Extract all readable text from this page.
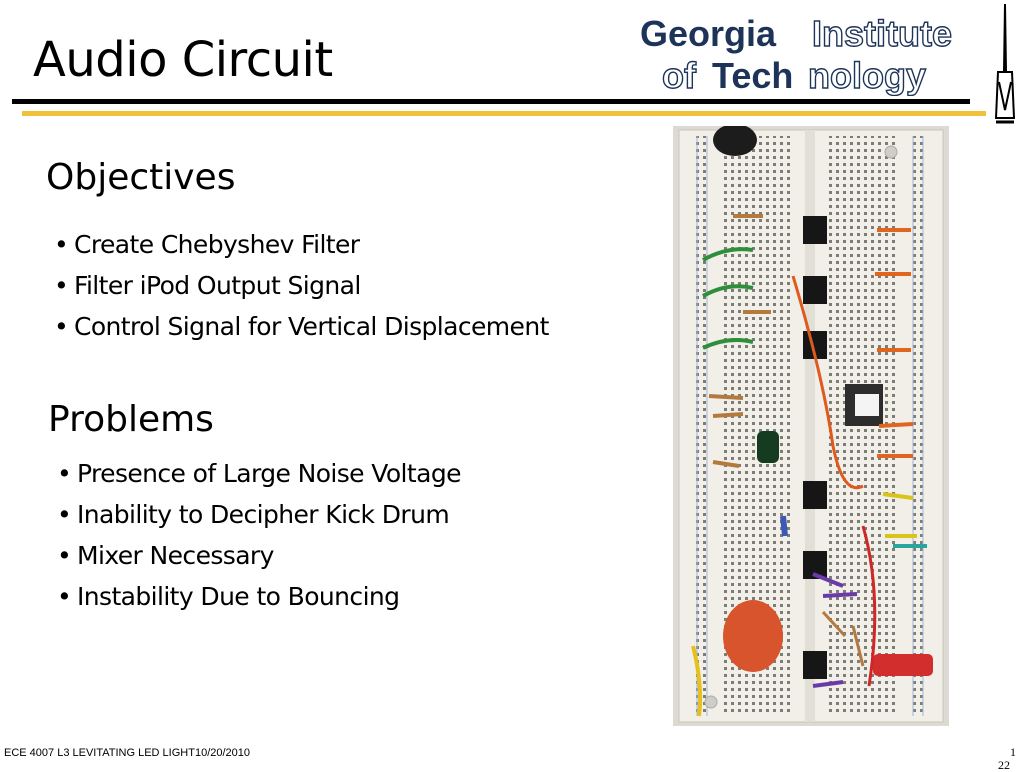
Audio Circuit	Georgia Institute
of Tech nology
Objectives
• Create Chebyshev Filter
• Filter iPod Output Signal
• Control Signal for Vertical Displacement
Problems
• Presence of Large Noise Voltage
• Inability to Decipher Kick Drum
• Mixer Necessary
• Instability Due to Bouncing
ECE 4007 L3 LEVITATING LED LIGHT10/20/2010	1
22
